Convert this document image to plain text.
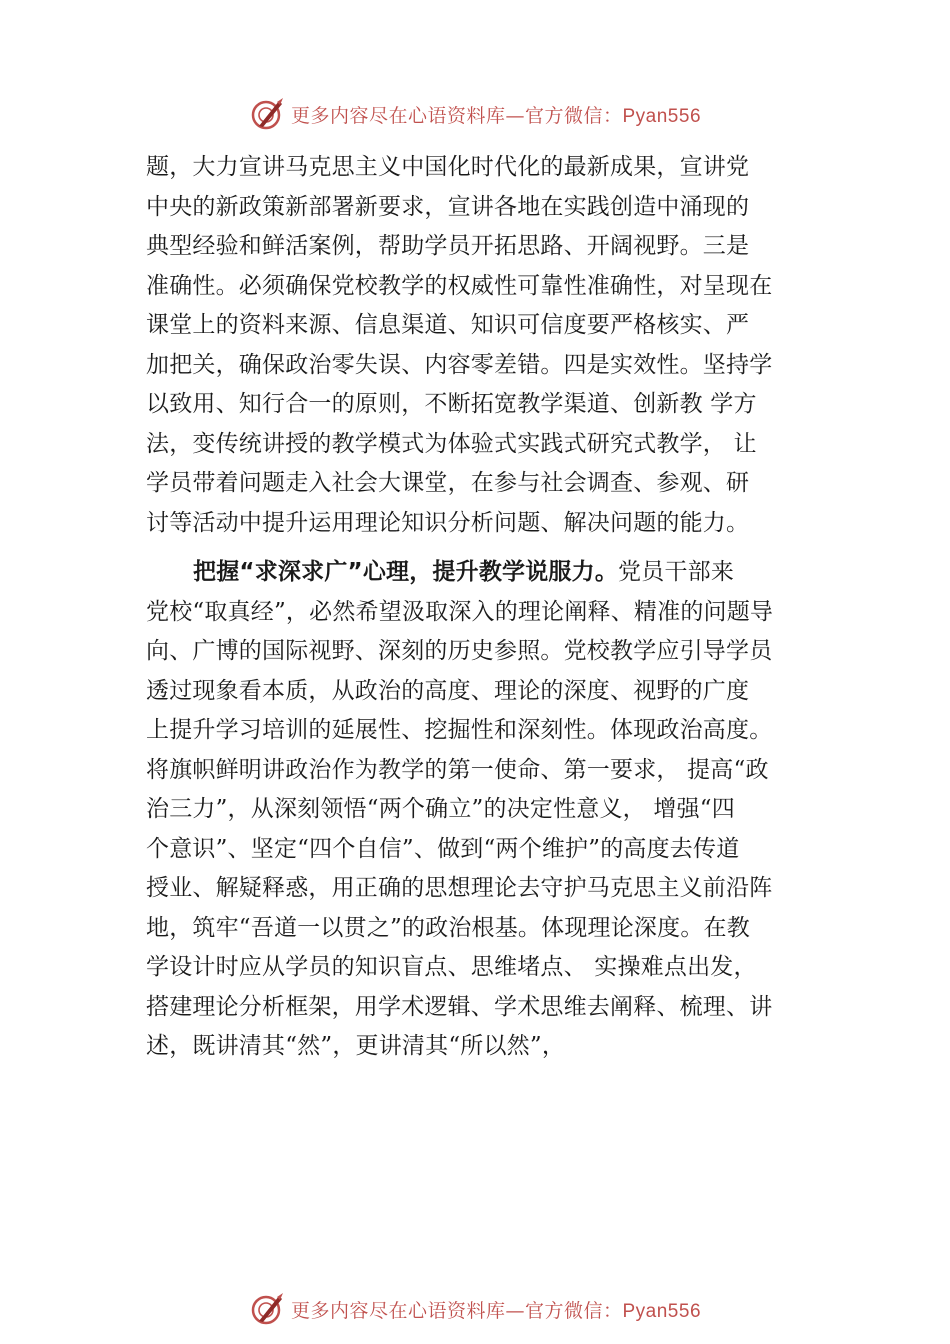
更多内容尽在心语资料库—官方微信：Pyan556
题，大力宣讲马克思主义中国化时代化的最新成果，宣讲党
中央的新政策新部署新要求，宣讲各地在实践创造中涌现的
典型经验和鲜活案例，帮助学员开拓思路、开阔视野。三是
准确性。必须确保党校教学的权威性可靠性准确性，对呈现在
课堂上的资料来源、信息渠道、知识可信度要严格核实、严
加把关，确保政治零失误、内容零差错。四是实效性。坚持学
以致用、知行合一的原则，不断拓宽教学渠道、创新教 学方
法，变传统讲授的教学模式为体验式实践式研究式教学， 让
学员带着问题走入社会大课堂，在参与社会调查、参观、研
讨等活动中提升运用理论知识分析问题、解决问题的能力。
把握“求深求广”心理，提升教学说服力。党员干部来
党校“取真经”，必然希望汲取深入的理论阐释、精准的问题导
向、广博的国际视野、深刻的历史参照。党校教学应引导学员
透过现象看本质，从政治的高度、理论的深度、视野的广度
上提升学习培训的延展性、挖掘性和深刻性。体现政治高度。
将旗帜鲜明讲政治作为教学的第一使命、第一要求， 提高“政
治三力”，从深刻领悟“两个确立”的决定性意义， 增强“四
个意识”、坚定“四个自信”、做到“两个维护”的高度去传道
授业、解疑释惑，用正确的思想理论去守护马克思主义前沿阵
地，筑牢“吾道一以贯之”的政治根基。体现理论深度。在教
学设计时应从学员的知识盲点、思维堵点、 实操难点出发，
搭建理论分析框架，用学术逻辑、学术思维去阐释、梳理、讲
述，既讲清其“然”，更讲清其“所以然”，
更多内容尽在心语资料库—官方微信：Pyan556
